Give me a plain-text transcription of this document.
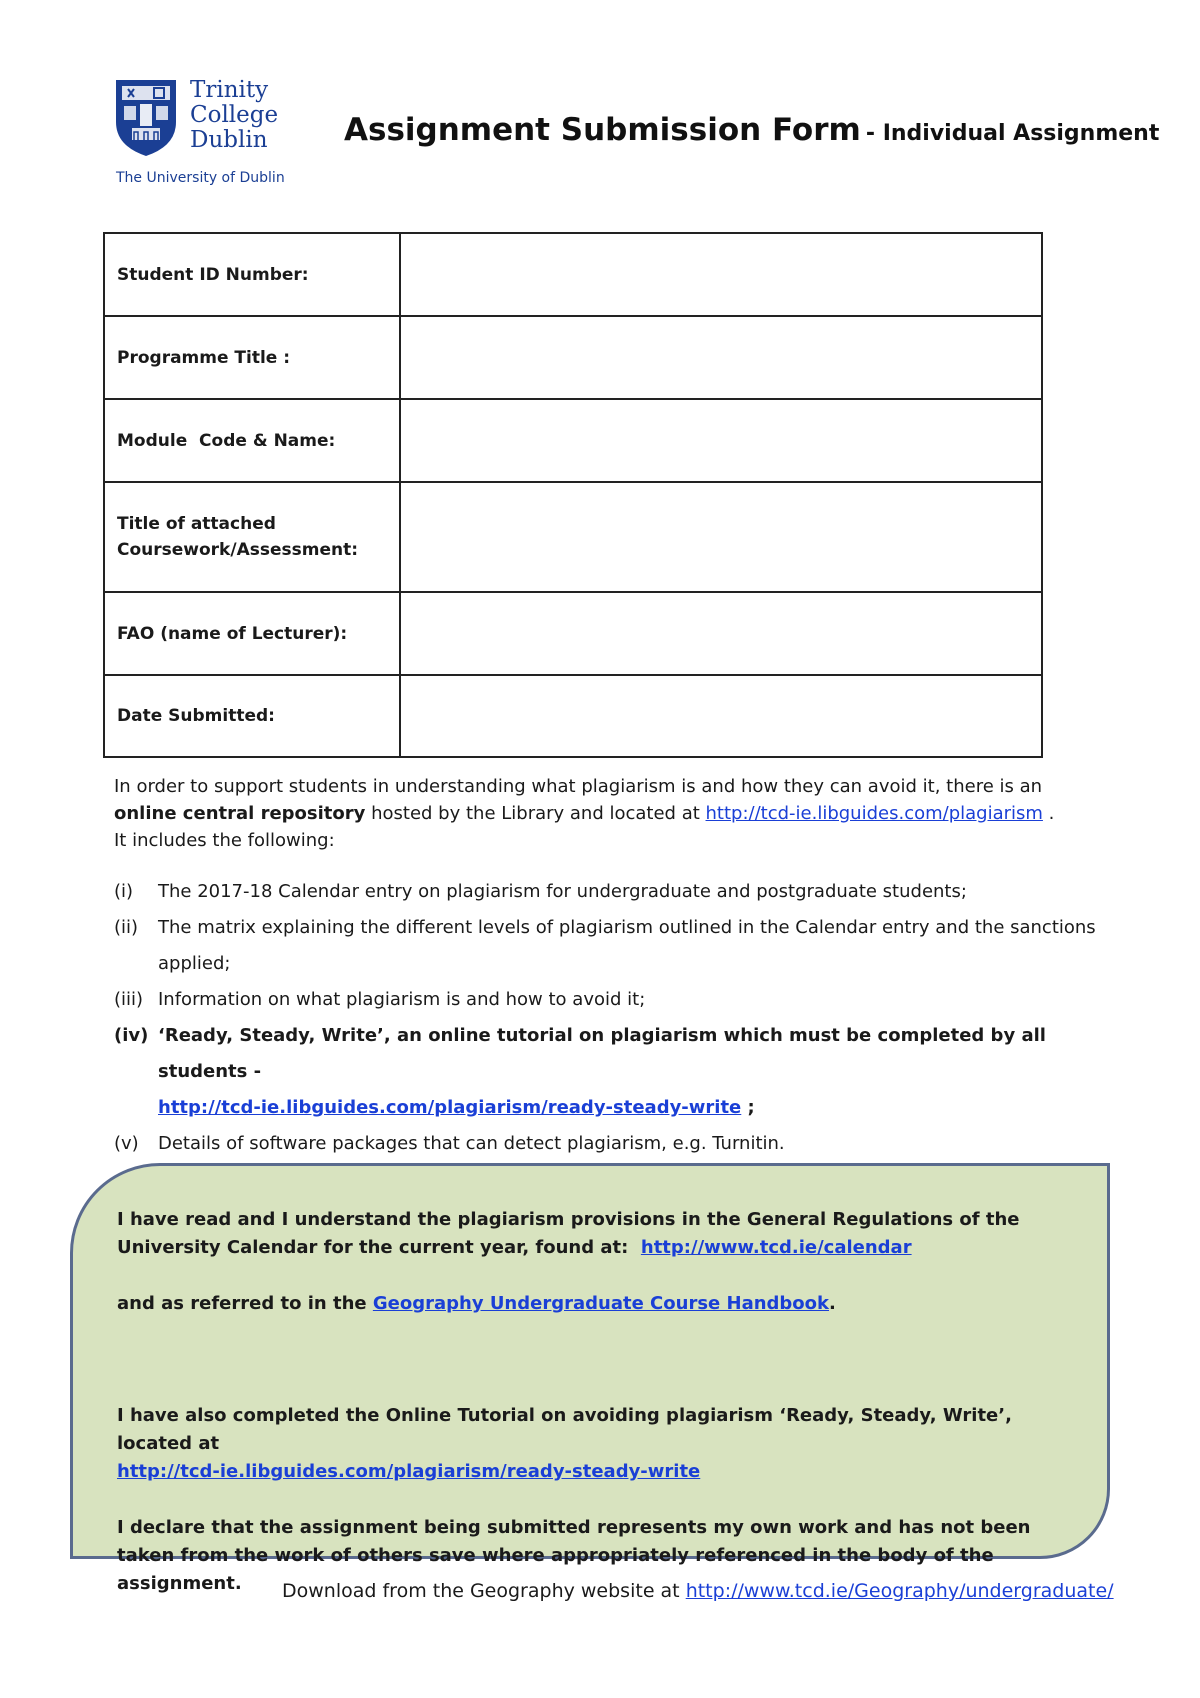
Trinity
College
Dublin
The University of Dublin
Assignment Submission Form - Individual Assignment
Student ID Number:	
Programme Title :	
Module  Code & Name:	

Title of attached
Coursework/Assessment:	

FAO (name of Lecturer):	
Date Submitted:	
In order to support students in understanding what plagiarism is and how they can avoid it, there is an
online central repository hosted by the Library and located at http://tcd-ie.libguides.com/plagiarism .
It includes the following:
(i) The 2017-18 Calendar entry on plagiarism for undergraduate and postgraduate students;
(ii) The matrix explaining the different levels of plagiarism outlined in the Calendar entry and the sanctions applied;
(iii) Information on what plagiarism is and how to avoid it;
(iv) ‘Ready, Steady, Write’, an online tutorial on plagiarism which must be completed by all students -
http://tcd-ie.libguides.com/plagiarism/ready-steady-write ;
(v) Details of software packages that can detect plagiarism, e.g. Turnitin.

I have read and I understand the plagiarism provisions in the General Regulations of the University Calendar for the current year, found at:  http://www.tcd.ie/calendar

and as referred to in the Geography Undergraduate Course Handbook.

I have also completed the Online Tutorial on avoiding plagiarism ‘Ready, Steady, Write’, located at
http://tcd-ie.libguides.com/plagiarism/ready-steady-write

I declare that the assignment being submitted represents my own work and has not been taken from the work of others save where appropriately referenced in the body of the assignment.	Download from the Geography website at http://www.tcd.ie/Geography/undergraduate/
